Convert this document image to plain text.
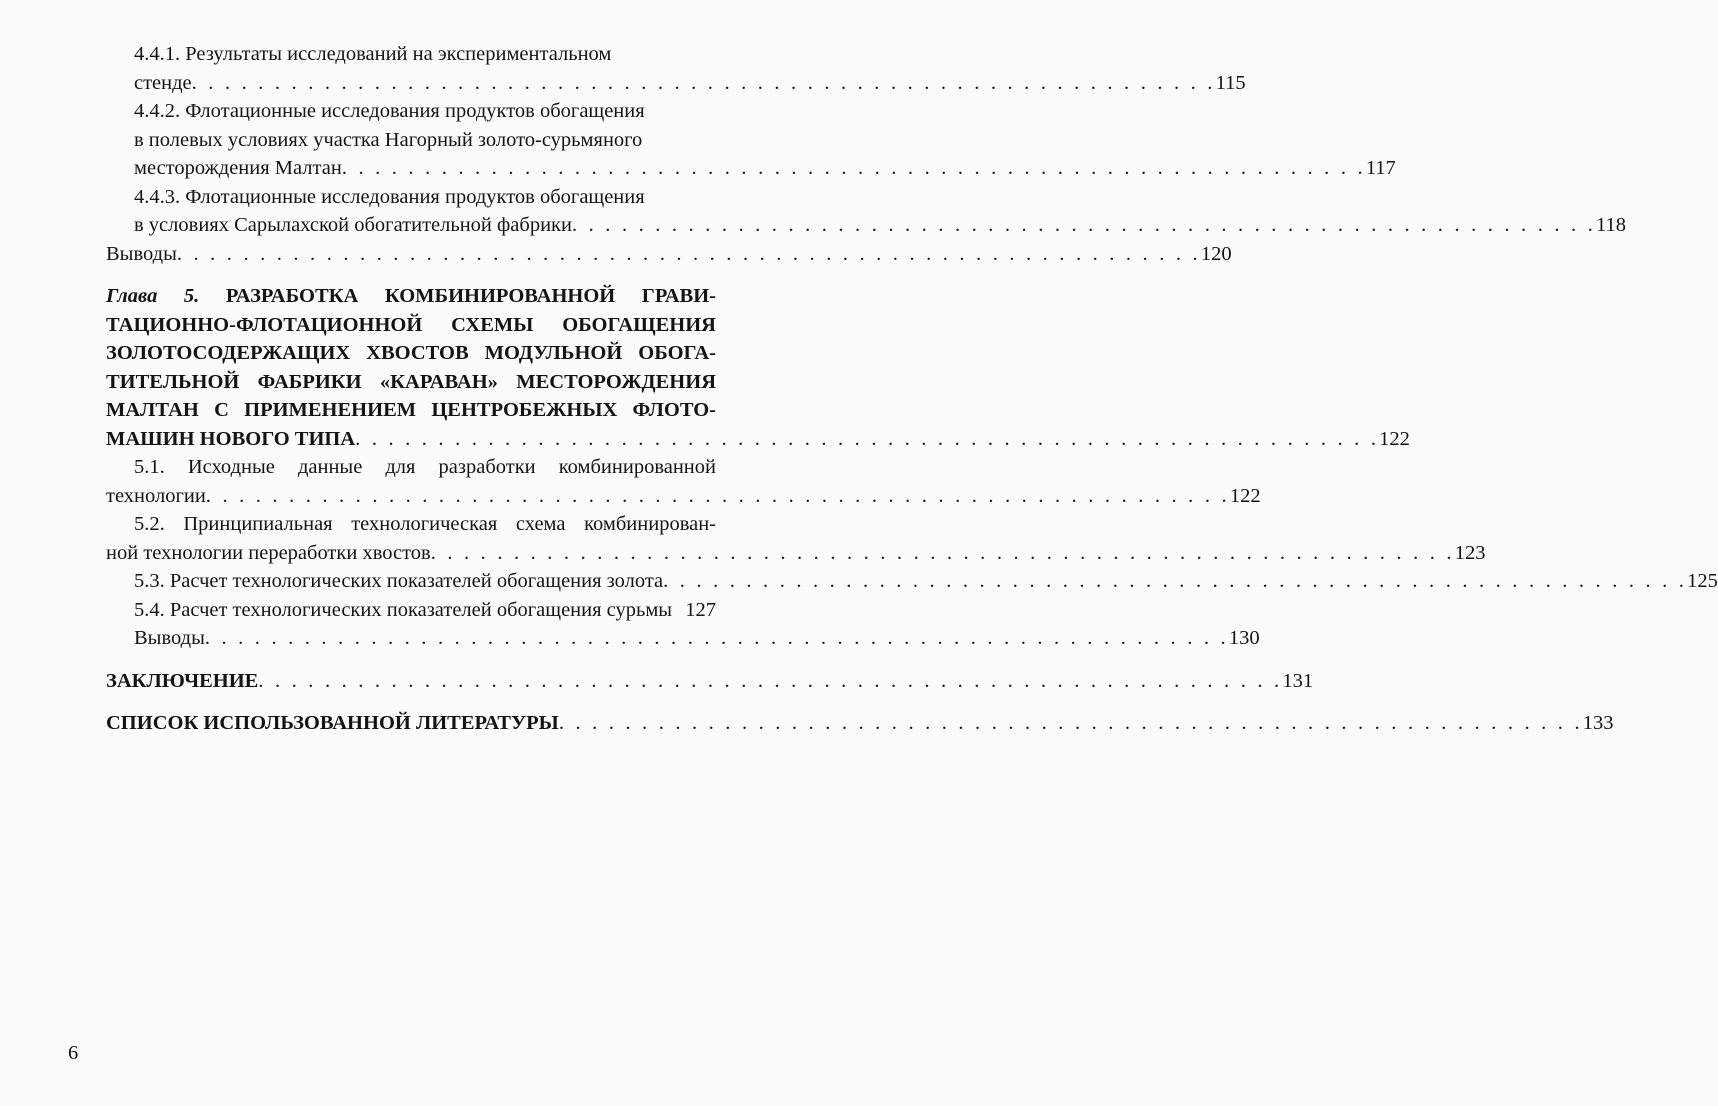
4.4.1. Результаты исследований на экспериментальном
стенде . . . . . . . . . . . . . . . . . . . . . . . . . . . . . . . . . . . . . . . . . . . . . . . . . . . . . . . . . . . . . . 115
4.4.2. Флотационные исследования продуктов обогащения
в полевых условиях участка Нагорный золото-сурьмяного
месторождения Малтан . . . . . . . . . . . . . . . . . . . . . . . . . . . . . . . . . . . . . . . . . . . . . . . . . . . . . . . . . . . . . . 117
4.4.3. Флотационные исследования продуктов обогащения
в условиях Сарылахской обогатительной фабрики . . . . . . . . . . . . . . . . . . . . . . . . . . . . . . . . . . . . . . . . . . . . . . . . . . . . . . . . . . . . . . 118
Выводы . . . . . . . . . . . . . . . . . . . . . . . . . . . . . . . . . . . . . . . . . . . . . . . . . . . . . . . . . . . . . . 120
Глава 5. РАЗРАБОТКА КОМБИНИРОВАННОЙ ГРАВИ-
ТАЦИОННО-ФЛОТАЦИОННОЙ СХЕМЫ ОБОГАЩЕНИЯ
ЗОЛОТОСОДЕРЖАЩИХ ХВОСТОВ МОДУЛЬНОЙ ОБОГА-
ТИТЕЛЬНОЙ ФАБРИКИ «КАРАВАН» МЕСТОРОЖДЕНИЯ
МАЛТАН С ПРИМЕНЕНИЕМ ЦЕНТРОБЕЖНЫХ ФЛОТО-
МАШИН НОВОГО ТИПА . . . . . . . . . . . . . . . . . . . . . . . . . . . . . . . . . . . . . . . . . . . . . . . . . . . . . . . . . . . . . . 122
5.1. Исходные данные для разработки комбинированной
технологии . . . . . . . . . . . . . . . . . . . . . . . . . . . . . . . . . . . . . . . . . . . . . . . . . . . . . . . . . . . . . . 122
5.2. Принципиальная технологическая схема комбинирован-
ной технологии переработки хвостов . . . . . . . . . . . . . . . . . . . . . . . . . . . . . . . . . . . . . . . . . . . . . . . . . . . . . . . . . . . . . . 123
5.3. Расчет технологических показателей обогащения золота . . . . . . . . . . . . . . . . . . . . . . . . . . . . . . . . . . . . . . . . . . . . . . . . . . . . . . . . . . . . . . 125
5.4. Расчет технологических показателей обогащения сурьмы 127
Выводы . . . . . . . . . . . . . . . . . . . . . . . . . . . . . . . . . . . . . . . . . . . . . . . . . . . . . . . . . . . . . . 130
ЗАКЛЮЧЕНИЕ . . . . . . . . . . . . . . . . . . . . . . . . . . . . . . . . . . . . . . . . . . . . . . . . . . . . . . . . . . . . . . 131
СПИСОК ИСПОЛЬЗОВАННОЙ ЛИТЕРАТУРЫ . . . . . . . . . . . . . . . . . . . . . . . . . . . . . . . . . . . . . . . . . . . . . . . . . . . . . . . . . . . . . . 133
6
